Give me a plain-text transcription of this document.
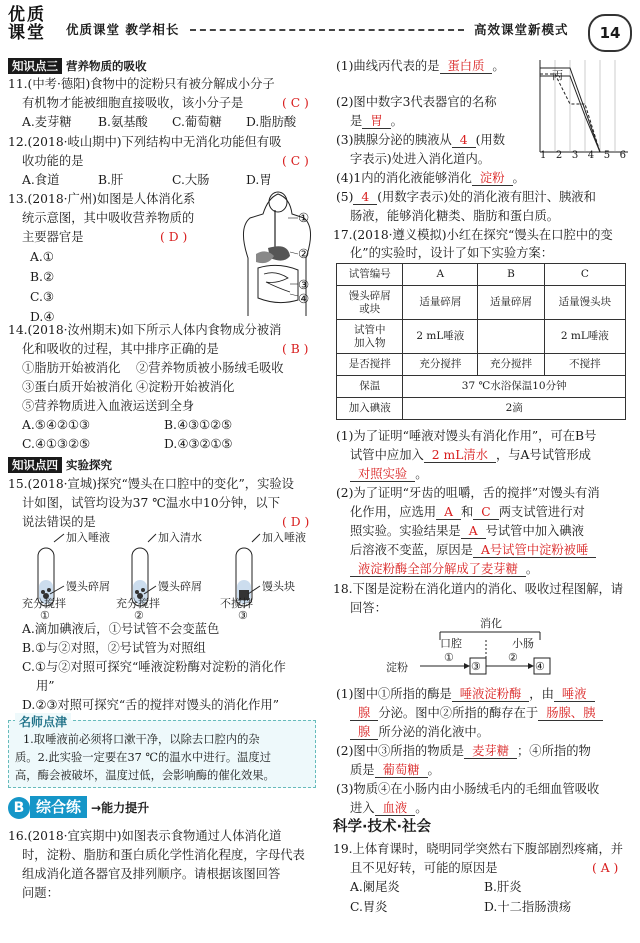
优质
课堂	优质课堂 教学相长	高效课堂新模式	14
知识点三 营养物质的吸收
11.(中考·德阳)食物中的淀粉只有被分解成小分子
有机物才能被细胞直接吸收，该小分子是	( C )
A.麦芽糖 B.氨基酸 C.葡萄糖 D.脂肪酸
12.(2018·岐山期中)下列结构中无消化功能但有吸
收功能的是	( C )
A.食道	B.肝	C.大肠	D.胃
13.(2018·广州)如图是人体消化系
统示意图，其中吸收营养物质的
主要器官是	( D )
A.①
B.②
C.③
D.④
①
②
③
④
14.(2018·汝州期末)如下所示人体内食物成分被消
化和吸收的过程，其中排序正确的是	( B )
①脂肪开始被消化 ②营养物质被小肠绒毛吸收
③蛋白质开始被消化 ④淀粉开始被消化
⑤营养物质进入血液运送到全身
A.⑤④②①③	B.④③①②⑤
C.④①③②⑤	D.④③②①⑤
知识点四 实验探究
15.(2018·宣城)探究“馒头在口腔中的变化”，实验设
计如图，试管均设为37 ℃温水中10分钟，以下
说法错误的是	( D )
加入唾液	加入清水	加入唾液
馒头碎屑	馒头碎屑	馒头块
①	②	③
充分搅拌	充分搅拌	不搅拌
A.滴加碘液后，①号试管不会变蓝色
B.①与②对照，②号试管为对照组
C.①与②对照可探究“唾液淀粉酶对淀粉的消化作
用”
D.②③对照可探究“舌的搅拌对馒头的消化作用”
名师点津
1.取唾液前必须将口漱干净，以除去口腔内的杂
质。2.此实验一定要在37 ℃的温水中进行。温度过
高，酶会被破坏，温度过低，会影响酶的催化效果。
B 综合练 →能力提升
16.(2018·宜宾期中)如图表示食物通过人体消化道
时，淀粉、脂肪和蛋白质化学性消化程度，字母代表
组成消化道各器官及排列顺序。请根据该图回答
问题：
(1)曲线丙代表的是 蛋白质 。
(2)图中数字3代表器官的名称
是 胃 。
(3)胰腺分泌的胰液从 4 (用数
字表示)处进入消化道内。
(4)1内的消化液能够消化 淀粉 。
(5) 4 (用数字表示)处的消化液有胆汁、胰液和
肠液，能够消化糖类、脂肪和蛋白质。
丙
1 2 3 4 5 6
17.(2018·遵义模拟)小红在探究“馒头在口腔中的变
化”的实验时，设计了如下实验方案：
试管编号	A	B	C
馒头碎屑
或块	适量碎屑	适量碎屑	适量馒头块
试管中
加入物	2 mL唾液		2 mL唾液
是否搅拌	充分搅拌	充分搅拌	不搅拌
保温	37 ℃水浴保温10分钟		
加入碘液	2滴		
(1)为了证明“唾液对馒头有消化作用”，可在B号
试管中应加入 2 mL清水 ，与A号试管形成
对照实验 。
(2)为了证明“牙齿的咀嚼，舌的搅拌”对馒头有消
化作用，应选用 A 和 C 两支试管进行对
照实验。实验结果是 A 号试管中加入碘液
后溶液不变蓝，原因是 A号试管中淀粉被唾
液淀粉酶全部分解成了麦芽糖 。
18.下图是淀粉在消化道内的消化、吸收过程图解，请
回答：
消化
口腔	小肠
淀粉
①
③
②
④
(1)图中①所指的酶是 唾液淀粉酶 ，由 唾液
腺 分泌。图中②所指的酶存在于 肠腺、胰
腺 所分泌的消化液中。
(2)图中③所指的物质是 麦芽糖 ；④所指的物
质是 葡萄糖 。
(3)物质④在小肠内由小肠绒毛内的毛细血管吸收
进入 血液 。
科学·技术·社会
19.上体育课时，晓明同学突然右下腹部剧烈疼痛，并
且不见好转，可能的原因是	( A )
A.阑尾炎	B.肝炎
C.胃炎	D.十二指肠溃疡
